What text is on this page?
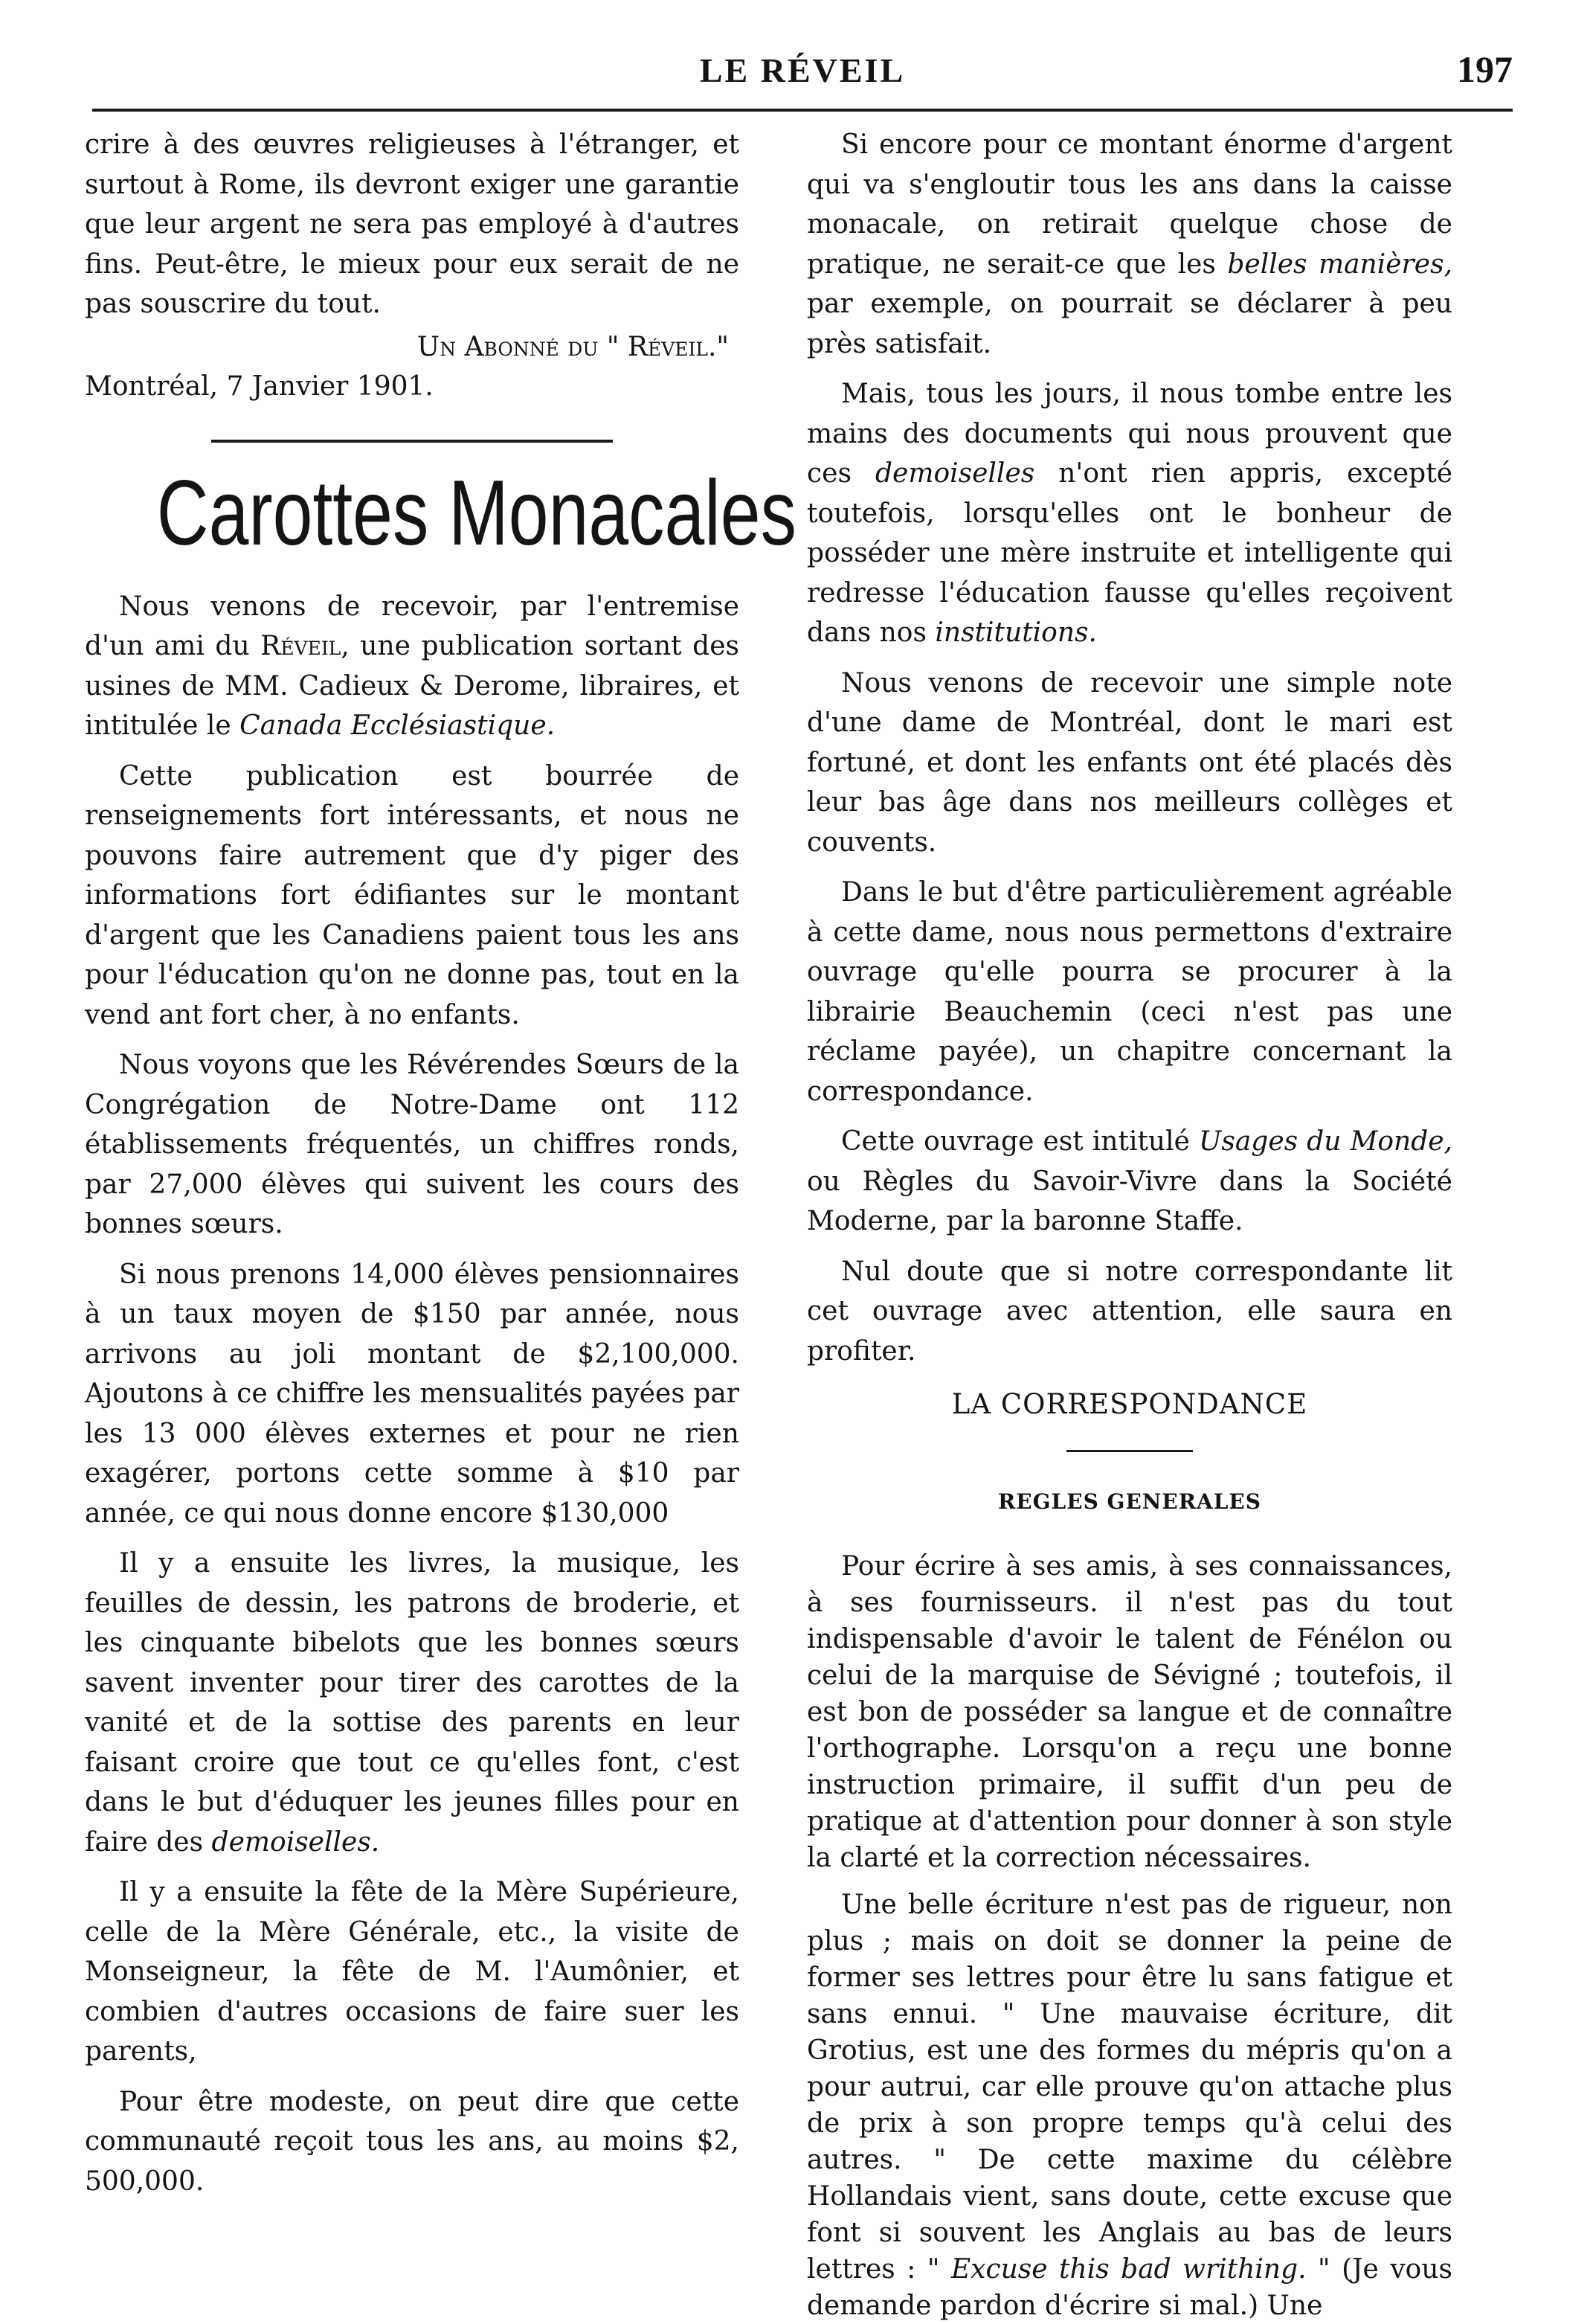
LE RÉVEIL	197

crire à des œuvres religieuses à l'étranger, et surtout à Rome, ils devront exiger une garantie que leur argent ne sera pas employé à d'autres fins. Peut-être, le mieux pour eux serait de ne pas souscrire du tout.

Un Abonné du " Réveil."

Montréal, 7 Janvier 1901.

Carottes Monacales

Nous venons de recevoir, par l'entremise d'un ami du Réveil, une publication sortant des usines de MM. Cadieux & Derome, libraires, et intitulée le Canada Ecclésiastique.

Cette publication est bourrée de renseignements fort intéressants, et nous ne pouvons faire autrement que d'y piger des informations fort édifiantes sur le montant d'argent que les Canadiens paient tous les ans pour l'éducation qu'on ne donne pas, tout en la vend ant fort cher, à no enfants.

Nous voyons que les Révérendes Sœurs de la Congrégation de Notre-Dame ont 112 établissements fréquentés, un chiffres ronds, par 27,000 élèves qui suivent les cours des bonnes sœurs.

Si nous prenons 14,000 élèves pensionnaires à un taux moyen de $150 par année, nous arrivons au joli montant de $2,100,000. Ajoutons à ce chiffre les mensualités payées par les 13 000 élèves externes et pour ne rien exagérer, portons cette somme à $10 par année, ce qui nous donne encore $130,000

Il y a ensuite les livres, la musique, les feuilles de dessin, les patrons de broderie, et les cinquante bibelots que les bonnes sœurs savent inventer pour tirer des carottes de la vanité et de la sottise des parents en leur faisant croire que tout ce qu'elles font, c'est dans le but d'éduquer les jeunes filles pour en faire des demoiselles.

Il y a ensuite la fête de la Mère Supérieure, celle de la Mère Générale, etc., la visite de Monseigneur, la fête de M. l'Aumônier, et combien d'autres occasions de faire suer les parents,

Pour être modeste, on peut dire que cette communauté reçoit tous les ans, au moins $2, 500,000.

Si encore pour ce montant énorme d'argent qui va s'engloutir tous les ans dans la caisse monacale, on retirait quelque chose de pratique, ne serait-ce que les belles manières, par exemple, on pourrait se déclarer à peu près satisfait.

Mais, tous les jours, il nous tombe entre les mains des documents qui nous prouvent que ces demoiselles n'ont rien appris, excepté toutefois, lorsqu'elles ont le bonheur de posséder une mère instruite et intelligente qui redresse l'éducation fausse qu'elles reçoivent dans nos institutions.

Nous venons de recevoir une simple note d'une dame de Montréal, dont le mari est fortuné, et dont les enfants ont été placés dès leur bas âge dans nos meilleurs collèges et couvents.

Dans le but d'être particulièrement agréable à cette dame, nous nous permettons d'extraire ouvrage qu'elle pourra se procurer à la librairie Beauchemin (ceci n'est pas une réclame payée), un chapitre concernant la correspondance.

Cette ouvrage est intitulé Usages du Monde, ou Règles du Savoir-Vivre dans la Société Moderne, par la baronne Staffe.

Nul doute que si notre correspondante lit cet ouvrage avec attention, elle saura en profiter.

LA CORRESPONDANCE

REGLES GENERALES

Pour écrire à ses amis, à ses connaissances, à ses fournisseurs. il n'est pas du tout indispensable d'avoir le talent de Fénélon ou celui de la marquise de Sévigné ; toutefois, il est bon de posséder sa langue et de connaître l'orthographe. Lorsqu'on a reçu une bonne instruction primaire, il suffit d'un peu de pratique at d'attention pour donner à son style la clarté et la correction nécessaires.

Une belle écriture n'est pas de rigueur, non plus ; mais on doit se donner la peine de former ses lettres pour être lu sans fatigue et sans ennui. " Une mauvaise écriture, dit Grotius, est une des formes du mépris qu'on a pour autrui, car elle prouve qu'on attache plus de prix à son propre temps qu'à celui des autres. " De cette maxime du célèbre Hollandais vient, sans doute, cette excuse que font si souvent les Anglais au bas de leurs lettres : " Excuse this bad writhing. " (Je vous demande pardon d'écrire si mal.) Une
